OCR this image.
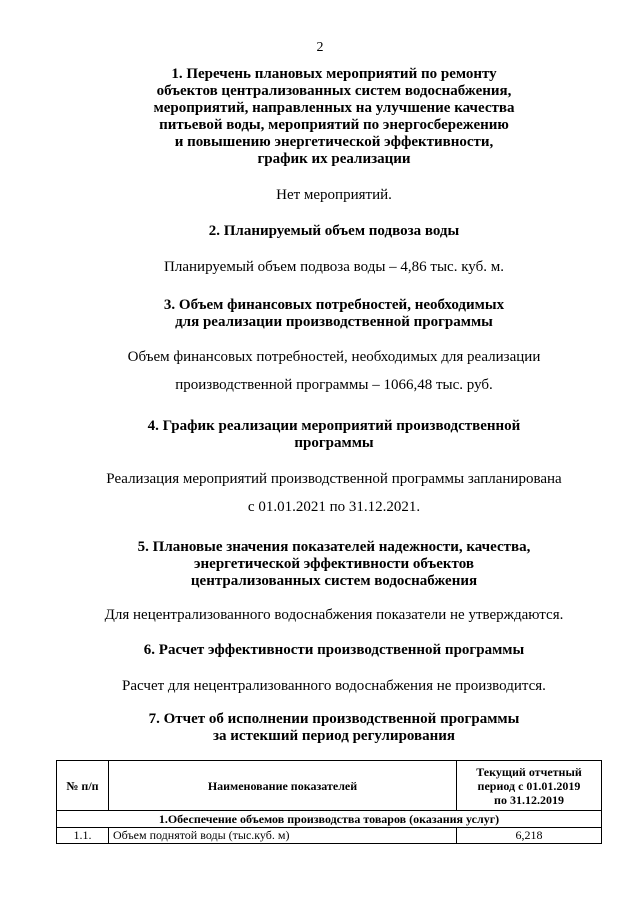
2
1. Перечень плановых мероприятий по ремонту
объектов централизованных систем водоснабжения,
мероприятий, направленных на улучшение качества
питьевой воды, мероприятий по энергосбережению
и повышению энергетической эффективности,
график их реализации
Нет мероприятий.
2. Планируемый объем подвоза воды
Планируемый объем подвоза воды – 4,86 тыс. куб. м.
3. Объем финансовых потребностей, необходимых
для реализации производственной программы
Объем финансовых потребностей, необходимых для реализации
производственной программы – 1066,48 тыс. руб.
4. График реализации мероприятий производственной
программы
Реализация мероприятий производственной программы запланирована
с 01.01.2021 по 31.12.2021.
5. Плановые значения показателей надежности, качества,
энергетической эффективности объектов
централизованных систем водоснабжения
Для нецентрализованного водоснабжения показатели не утверждаются.
6. Расчет эффективности производственной программы
Расчет для нецентрализованного водоснабжения не производится.
7. Отчет об исполнении производственной программы
за истекший период регулирования
№ п/п	Наименование показателей	Текущий отчетный
период с 01.01.2019
по 31.12.2019

1.Обеспечение объемов производства товаров (оказания услуг)		
1.1.	Объем поднятой воды (тыс.куб. м)	6,218
